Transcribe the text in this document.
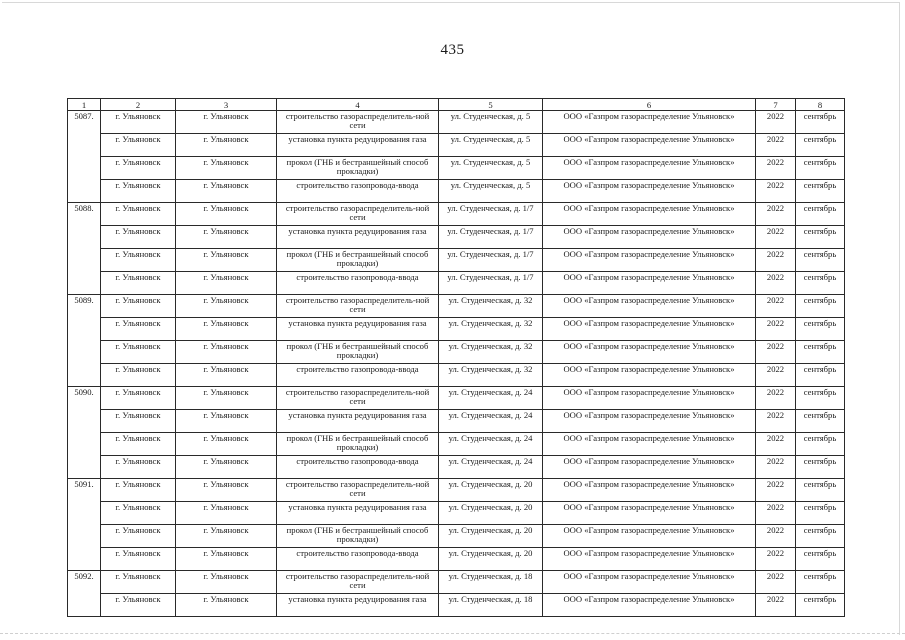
435
1	2	3	4	5	6	7	8
5087.	г. Ульяновск	г. Ульяновск	строительство газораспределитель-ной сети	ул. Студенческая, д. 5	ООО «Газпром газораспределение Ульяновск»	2022	сентябрь
	г. Ульяновск	г. Ульяновск	установка пункта редуцирования газа	ул. Студенческая, д. 5	ООО «Газпром газораспределение Ульяновск»	2022	сентябрь
	г. Ульяновск	г. Ульяновск	прокол (ГНБ и бестраншейный способ прокладки)	ул. Студенческая, д. 5	ООО «Газпром газораспределение Ульяновск»	2022	сентябрь
	г. Ульяновск	г. Ульяновск	строительство газопровода-ввода	ул. Студенческая, д. 5	ООО «Газпром газораспределение Ульяновск»	2022	сентябрь
5088.	г. Ульяновск	г. Ульяновск	строительство газораспределитель-ной сети	ул. Студенческая, д. 1/7	ООО «Газпром газораспределение Ульяновск»	2022	сентябрь
	г. Ульяновск	г. Ульяновск	установка пункта редуцирования газа	ул. Студенческая, д. 1/7	ООО «Газпром газораспределение Ульяновск»	2022	сентябрь
	г. Ульяновск	г. Ульяновск	прокол (ГНБ и бестраншейный способ прокладки)	ул. Студенческая, д. 1/7	ООО «Газпром газораспределение Ульяновск»	2022	сентябрь
	г. Ульяновск	г. Ульяновск	строительство газопровода-ввода	ул. Студенческая, д. 1/7	ООО «Газпром газораспределение Ульяновск»	2022	сентябрь
5089.	г. Ульяновск	г. Ульяновск	строительство газораспределитель-ной сети	ул. Студенческая, д. 32	ООО «Газпром газораспределение Ульяновск»	2022	сентябрь
	г. Ульяновск	г. Ульяновск	установка пункта редуцирования газа	ул. Студенческая, д. 32	ООО «Газпром газораспределение Ульяновск»	2022	сентябрь
	г. Ульяновск	г. Ульяновск	прокол (ГНБ и бестраншейный способ прокладки)	ул. Студенческая, д. 32	ООО «Газпром газораспределение Ульяновск»	2022	сентябрь
	г. Ульяновск	г. Ульяновск	строительство газопровода-ввода	ул. Студенческая, д. 32	ООО «Газпром газораспределение Ульяновск»	2022	сентябрь
5090.	г. Ульяновск	г. Ульяновск	строительство газораспределитель-ной сети	ул. Студенческая, д. 24	ООО «Газпром газораспределение Ульяновск»	2022	сентябрь
	г. Ульяновск	г. Ульяновск	установка пункта редуцирования газа	ул. Студенческая, д. 24	ООО «Газпром газораспределение Ульяновск»	2022	сентябрь
	г. Ульяновск	г. Ульяновск	прокол (ГНБ и бестраншейный способ прокладки)	ул. Студенческая, д. 24	ООО «Газпром газораспределение Ульяновск»	2022	сентябрь
	г. Ульяновск	г. Ульяновск	строительство газопровода-ввода	ул. Студенческая, д. 24	ООО «Газпром газораспределение Ульяновск»	2022	сентябрь
5091.	г. Ульяновск	г. Ульяновск	строительство газораспределитель-ной сети	ул. Студенческая, д. 20	ООО «Газпром газораспределение Ульяновск»	2022	сентябрь
	г. Ульяновск	г. Ульяновск	установка пункта редуцирования газа	ул. Студенческая, д. 20	ООО «Газпром газораспределение Ульяновск»	2022	сентябрь
	г. Ульяновск	г. Ульяновск	прокол (ГНБ и бестраншейный способ прокладки)	ул. Студенческая, д. 20	ООО «Газпром газораспределение Ульяновск»	2022	сентябрь
	г. Ульяновск	г. Ульяновск	строительство газопровода-ввода	ул. Студенческая, д. 20	ООО «Газпром газораспределение Ульяновск»	2022	сентябрь
5092.	г. Ульяновск	г. Ульяновск	строительство газораспределитель-ной сети	ул. Студенческая, д. 18	ООО «Газпром газораспределение Ульяновск»	2022	сентябрь
	г. Ульяновск	г. Ульяновск	установка пункта редуцирования газа	ул. Студенческая, д. 18	ООО «Газпром газораспределение Ульяновск»	2022	сентябрь
